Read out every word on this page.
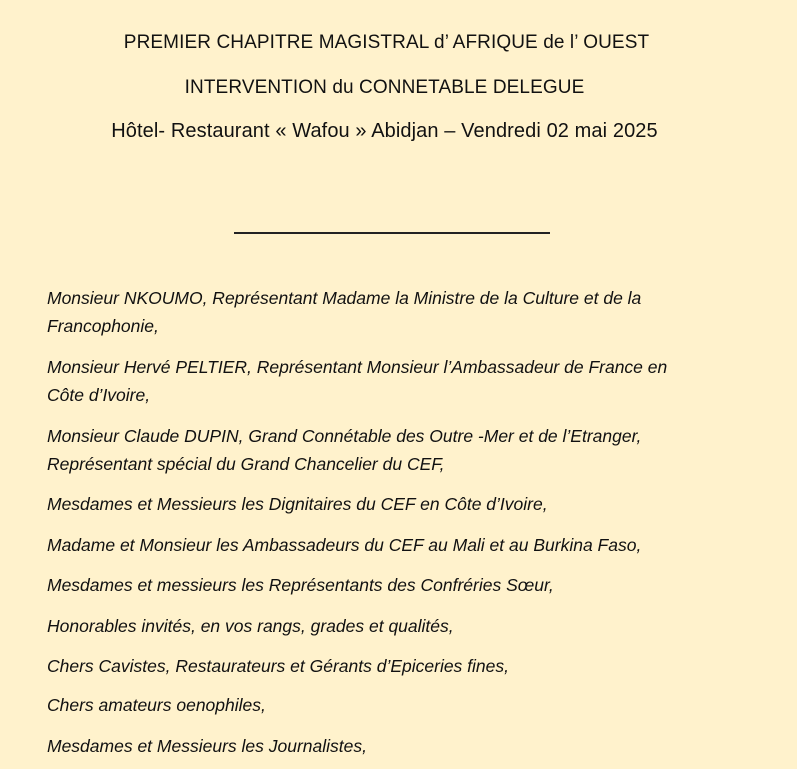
PREMIER CHAPITRE MAGISTRAL d’ AFRIQUE de l’ OUEST
INTERVENTION du CONNETABLE DELEGUE
Hôtel- Restaurant « Wafou » Abidjan – Vendredi 02 mai 2025
Monsieur NKOUMO, Représentant Madame la Ministre de la Culture et de la
Francophonie,
Monsieur Hervé PELTIER, Représentant Monsieur l’Ambassadeur de France en
Côte d’Ivoire,
Monsieur Claude DUPIN, Grand Connétable des Outre -Mer et de l’Etranger,
Représentant spécial du Grand Chancelier du CEF,
Mesdames et Messieurs les Dignitaires du CEF en Côte d’Ivoire,
Madame et Monsieur les Ambassadeurs du CEF au Mali et au Burkina Faso,
Mesdames et messieurs les Représentants des Confréries Sœur,
Honorables invités, en vos rangs, grades et qualités,
Chers Cavistes, Restaurateurs et Gérants d’Epiceries fines,
Chers amateurs oenophiles,
Mesdames et Messieurs les Journalistes,
